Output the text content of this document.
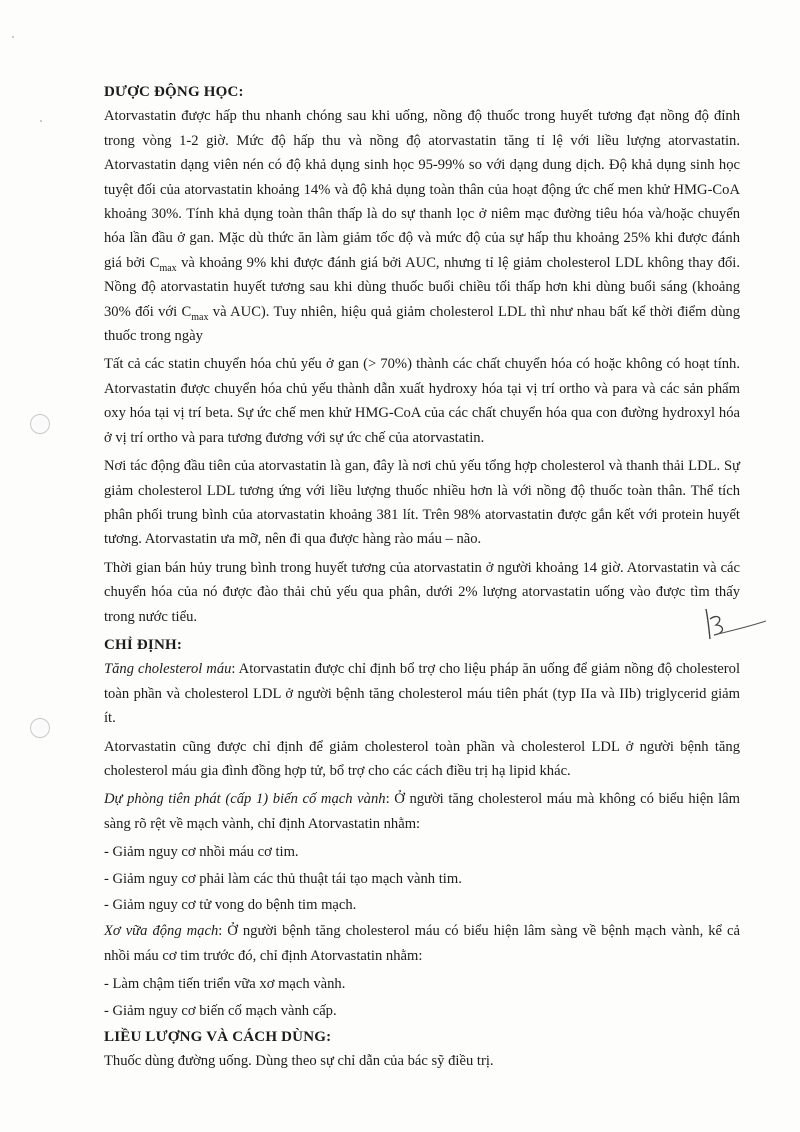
DƯỢC ĐỘNG HỌC:

Atorvastatin được hấp thu nhanh chóng sau khi uống, nồng độ thuốc trong huyết tương đạt nồng độ đỉnh trong vòng 1-2 giờ. Mức độ hấp thu và nồng độ atorvastatin tăng tỉ lệ với liều lượng atorvastatin. Atorvastatin dạng viên nén có độ khả dụng sinh học 95-99% so với dạng dung dịch. Độ khả dụng sinh học tuyệt đối của atorvastatin khoảng 14% và độ khả dụng toàn thân của hoạt động ức chế men khử HMG-CoA khoảng 30%. Tính khả dụng toàn thân thấp là do sự thanh lọc ở niêm mạc đường tiêu hóa và/hoặc chuyển hóa lần đầu ở gan. Mặc dù thức ăn làm giảm tốc độ và mức độ của sự hấp thu khoảng 25% khi được đánh giá bởi $C_{max}$ và khoảng 9% khi được đánh giá bởi AUC, nhưng tỉ lệ giảm cholesterol LDL không thay đổi. Nồng độ atorvastatin huyết tương sau khi dùng thuốc buổi chiều tối thấp hơn khi dùng buổi sáng (khoảng 30% đối với $C_{max}$ và AUC). Tuy nhiên, hiệu quả giảm cholesterol LDL thì như nhau bất kể thời điểm dùng thuốc trong ngày

Tất cả các statin chuyển hóa chủ yếu ở gan (> 70%) thành các chất chuyển hóa có hoặc không có hoạt tính. Atorvastatin được chuyển hóa chủ yếu thành dẫn xuất hydroxy hóa tại vị trí ortho và para và các sản phẩm oxy hóa tại vị trí beta. Sự ức chế men khử HMG-CoA của các chất chuyển hóa qua con đường hydroxyl hóa ở vị trí ortho và para tương đương với sự ức chế của atorvastatin.

Nơi tác động đầu tiên của atorvastatin là gan, đây là nơi chủ yếu tổng hợp cholesterol và thanh thải LDL. Sự giảm cholesterol LDL tương ứng với liều lượng thuốc nhiều hơn là với nồng độ thuốc toàn thân. Thể tích phân phối trung bình của atorvastatin khoảng 381 lít. Trên 98% atorvastatin được gắn kết với protein huyết tương. Atorvastatin ưa mỡ, nên đi qua được hàng rào máu – não.

Thời gian bán hủy trung bình trong huyết tương của atorvastatin ở người khoảng 14 giờ. Atorvastatin và các chuyển hóa của nó được đào thải chủ yếu qua phân, dưới 2% lượng atorvastatin uống vào được tìm thấy trong nước tiểu.

CHỈ ĐỊNH:

Tăng cholesterol máu: Atorvastatin được chỉ định bổ trợ cho liệu pháp ăn uống để giảm nồng độ cholesterol toàn phần và cholesterol LDL ở người bệnh tăng cholesterol máu tiên phát (typ IIa và IIb) triglycerid giảm ít.

Atorvastatin cũng được chỉ định để giảm cholesterol toàn phần và cholesterol LDL ở người bệnh tăng cholesterol máu gia đình đồng hợp tử, bổ trợ cho các cách điều trị hạ lipid khác.

Dự phòng tiên phát (cấp 1) biến cố mạch vành: Ở người tăng cholesterol máu mà không có biểu hiện lâm sàng rõ rệt về mạch vành, chỉ định Atorvastatin nhằm:

- Giảm nguy cơ nhồi máu cơ tim.

- Giảm nguy cơ phải làm các thủ thuật tái tạo mạch vành tim.

- Giảm nguy cơ tử vong do bệnh tim mạch.

Xơ vữa động mạch: Ở người bệnh tăng cholesterol máu có biểu hiện lâm sàng về bệnh mạch vành, kể cả nhồi máu cơ tim trước đó, chỉ định Atorvastatin nhằm:

- Làm chậm tiến triển vữa xơ mạch vành.

- Giảm nguy cơ biến cố mạch vành cấp.

LIỀU LƯỢNG VÀ CÁCH DÙNG:

Thuốc dùng đường uống. Dùng theo sự chỉ dẫn của bác sỹ điều trị.
